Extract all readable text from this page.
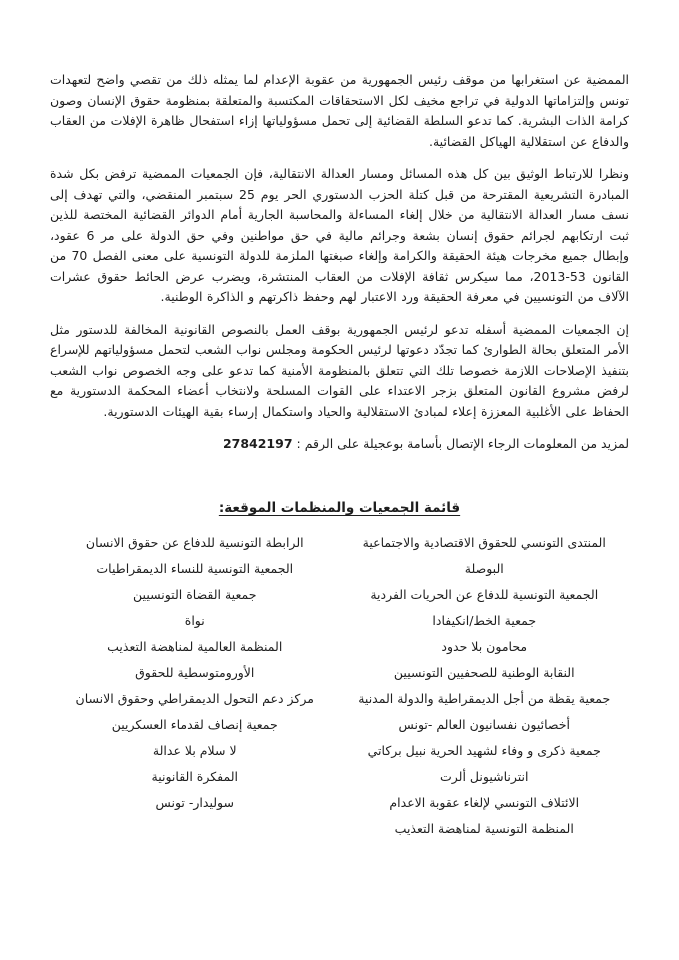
الممضية عن استغرابها من موقف رئيس الجمهورية من عقوبة الإعدام لما يمثله ذلك من تقصي واضح لتعهدات تونس وإلتزاماتها الدولية في تراجع مخيف لكل الاستحقاقات المكتسبة والمتعلقة بمنظومة حقوق الإنسان وصون كرامة الذات البشرية. كما تدعو السلطة القضائية إلى تحمل مسؤولياتها إزاء استفحال ظاهرة الإفلات من العقاب والدفاع عن استقلالية الهياكل القضائية.

ونظرا للارتباط الوثيق بين كل هذه المسائل ومسار العدالة الانتقالية، فإن الجمعيات الممضية ترفض بكل شدة المبادرة التشريعية المقترحة من قبل كتلة الحزب الدستوري الحر يوم 25 سبتمبر المنقضي، والتي تهدف إلى نسف مسار العدالة الانتقالية من خلال إلغاء المساءلة والمحاسبة الجارية أمام الدوائر القضائية المختصة للذين ثبت ارتكابهم لجرائم حقوق إنسان بشعة وجرائم مالية في حق مواطنين وفي حق الدولة على مر 6 عقود، وإبطال جميع مخرجات هيئة الحقيقة والكرامة وإلغاء صبغتها الملزمة للدولة التونسية على معنى الفصل 70 من القانون 53-2013، مما سيكرس ثقافة الإفلات من العقاب المنتشرة، ويضرب عرض الحائط حقوق عشرات الآلاف من التونسيين في معرفة الحقيقة ورد الاعتبار لهم وحفظ ذاكرتهم و الذاكرة الوطنية.

إن الجمعيات الممضية أسفله تدعو لرئيس الجمهورية بوقف العمل بالنصوص القانونية المخالفة للدستور مثل الأمر المتعلق بحالة الطوارئ كما تجدّد دعوتها لرئيس الحكومة ومجلس نواب الشعب لتحمل مسؤولياتهم للإسراع بتنفيذ الإصلاحات اللازمة خصوصا تلك التي تتعلق بالمنظومة الأمنية كما تدعو على وجه الخصوص نواب الشعب لرفض مشروع القانون المتعلق بزجر الاعتداء على القوات المسلحة ولانتخاب أعضاء المحكمة الدستورية مع الحفاظ على الأغلبية المعززة إعلاء لمبادئ الاستقلالية والحياد واستكمال إرساء بقية الهيئات الدستورية.

لمزيد من المعلومات الرجاء الإتصال بأسامة بوعجيلة على الرقم : 27842197
قائمة الجمعيات والمنظمات الموقعة:
المنتدى التونسي للحقوق الاقتصادية والاجتماعية
الرابطة التونسية للدفاع عن حقوق الانسان
البوصلة
الجمعية التونسية للنساء الديمقراطيات
الجمعية التونسية للدفاع عن الحريات الفردية
جمعية القضاة التونسيين
جمعية الخط/انكيفادا
نواة
محامون بلا حدود
المنظمة العالمية لمناهضة التعذيب
النقابة الوطنية للصحفيين التونسيين
الأورومتوسطية للحقوق
جمعية يقظة من أجل الديمقراطية والدولة المدنية
مركز دعم التحول الديمقراطي وحقوق الانسان
أخصائيون نفسانيون العالم -تونس
جمعية إنصاف لقدماء العسكريين
جمعية ذكرى و وفاء لشهيد الحرية نبيل بركاتي
لا سلام بلا عدالة
انترناشيونل ألرت
المفكرة القانونية
الائتلاف التونسي لإلغاء عقوبة الاعدام
سوليدار- تونس
المنظمة التونسية لمناهضة التعذيب
